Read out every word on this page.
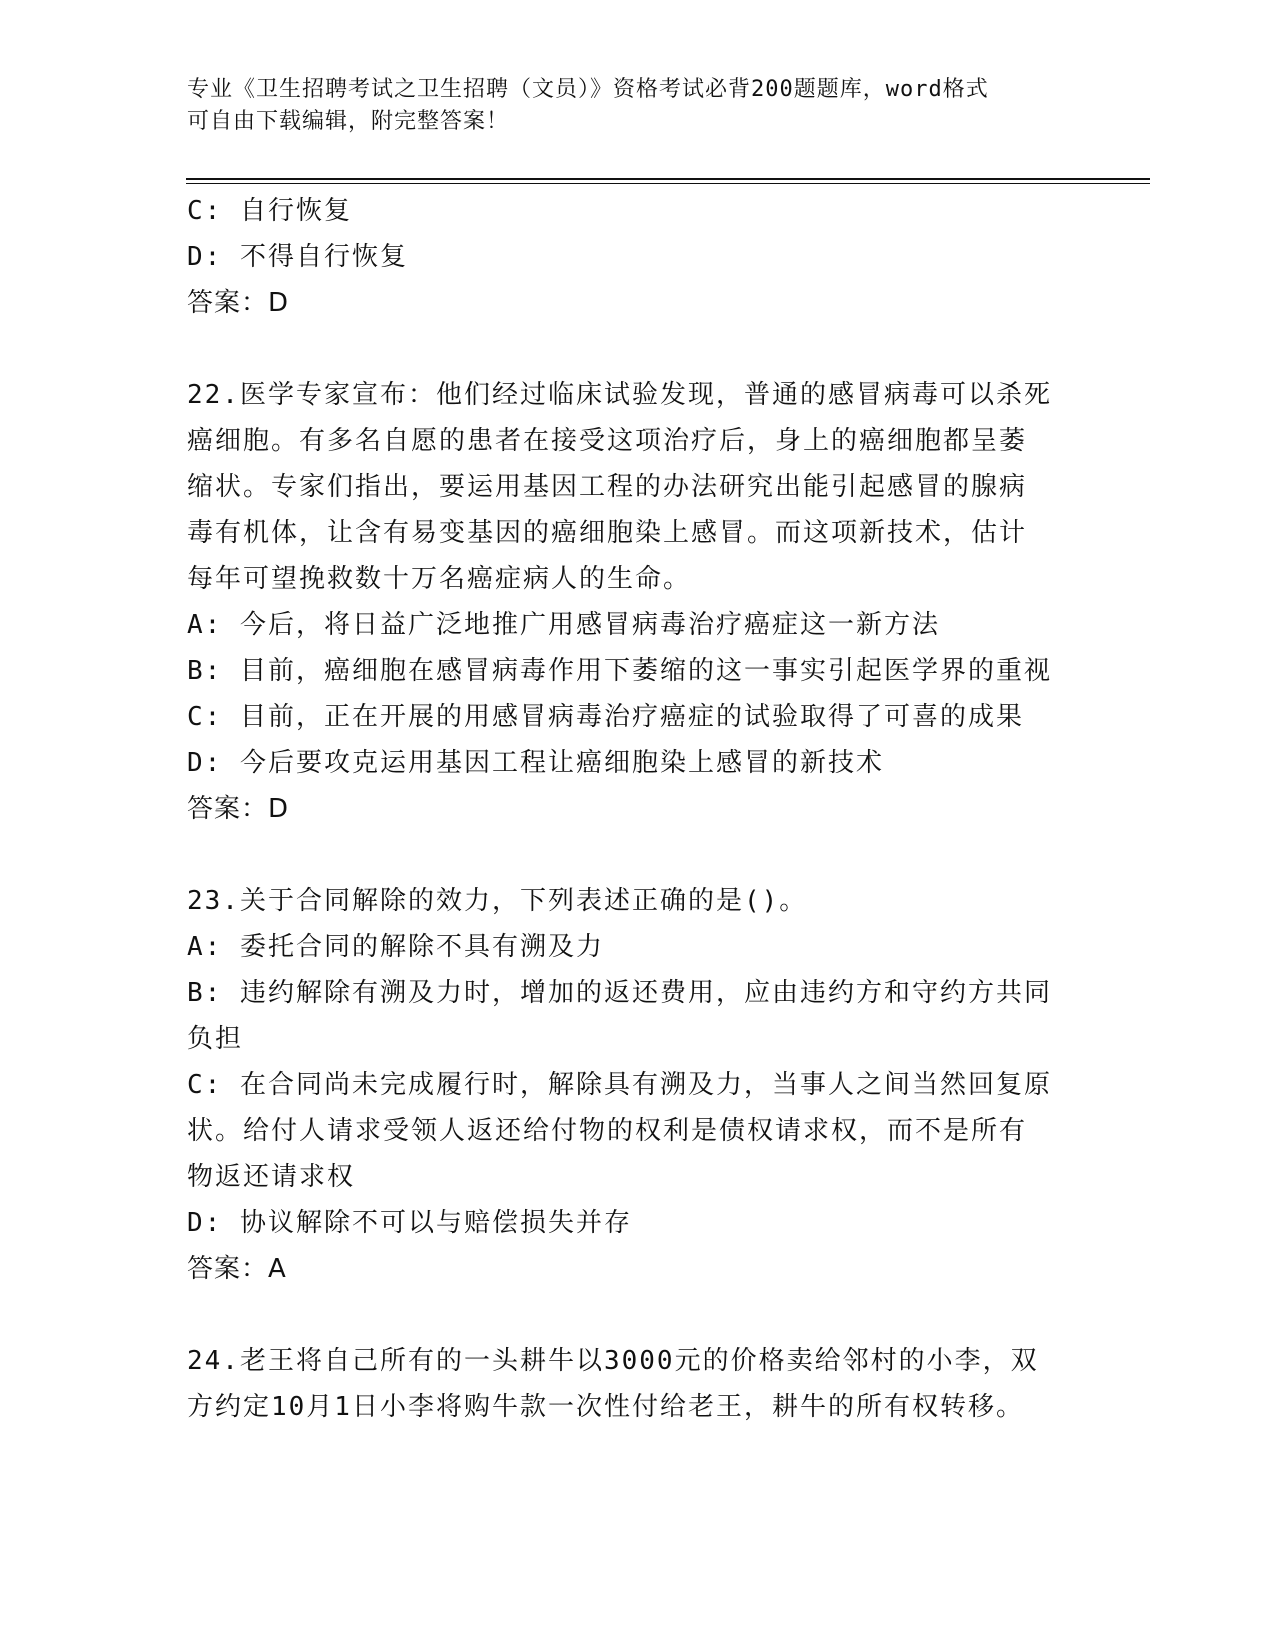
专业《卫生招聘考试之卫生招聘（文员）》资格考试必背200题题库，word格式
可自由下载编辑，附完整答案！
C: 自行恢复
D: 不得自行恢复
答案：D
22.医学专家宣布：他们经过临床试验发现，普通的感冒病毒可以杀死
癌细胞。有多名自愿的患者在接受这项治疗后，身上的癌细胞都呈萎
缩状。专家们指出，要运用基因工程的办法研究出能引起感冒的腺病
毒有机体，让含有易变基因的癌细胞染上感冒。而这项新技术，估计
每年可望挽救数十万名癌症病人的生命。
A: 今后，将日益广泛地推广用感冒病毒治疗癌症这一新方法
B: 目前，癌细胞在感冒病毒作用下萎缩的这一事实引起医学界的重视
C: 目前，正在开展的用感冒病毒治疗癌症的试验取得了可喜的成果
D: 今后要攻克运用基因工程让癌细胞染上感冒的新技术
答案：D
23.关于合同解除的效力，下列表述正确的是()。
A: 委托合同的解除不具有溯及力
B: 违约解除有溯及力时，增加的返还费用，应由违约方和守约方共同
负担
C: 在合同尚未完成履行时，解除具有溯及力，当事人之间当然回复原
状。给付人请求受领人返还给付物的权利是债权请求权，而不是所有
物返还请求权
D: 协议解除不可以与赔偿损失并存
答案：A
24.老王将自己所有的一头耕牛以3000元的价格卖给邻村的小李，双
方约定10月1日小李将购牛款一次性付给老王，耕牛的所有权转移。
